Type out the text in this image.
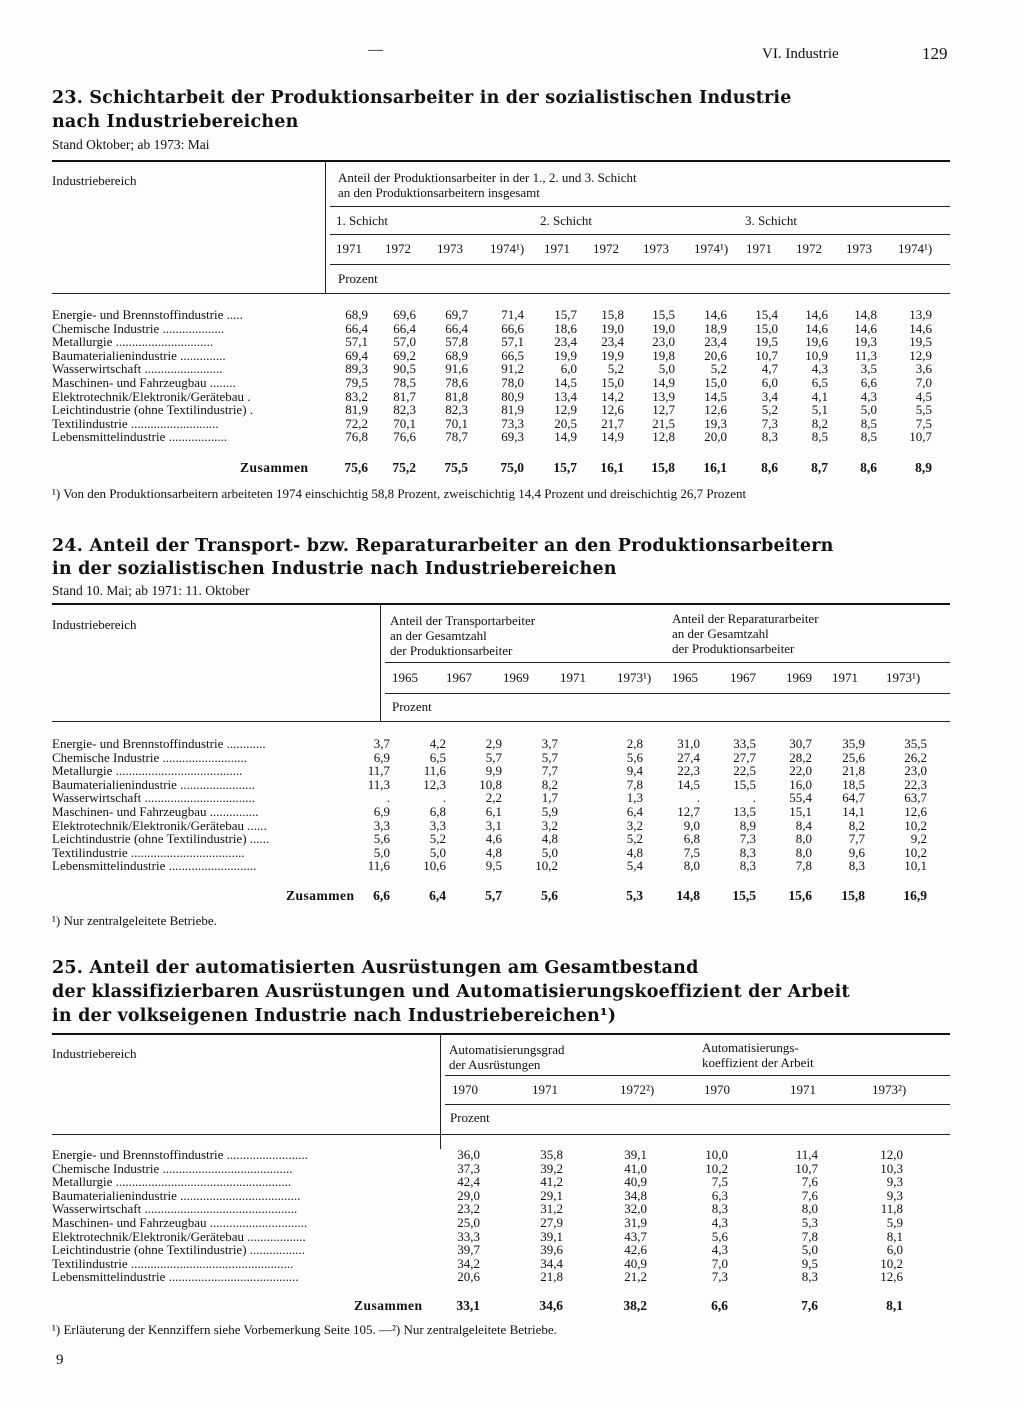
—	VI. Industrie	129
23. Schichtarbeit der Produktionsarbeiter in der sozialistischen Industrie
nach Industriebereichen
Stand Oktober; ab 1973: Mai
Industriebereich	Anteil der Produktionsarbeiter in der 1., 2. und 3. Schicht
an den Produktionsarbeitern insgesamt
1. Schicht	2. Schicht	3. Schicht
1971 1972 1973 1974¹) 1971 1972 1973 1974¹) 1971 1972 1973 1974¹)
Prozent
Energie- und Brennstoffindustrie .....	68,9	69,6	69,7	71,4	15,7	15,8	15,5	14,6	15,4	14,6	14,8	13,9
Chemische Industrie ...................	66,4	66,4	66,4	66,6	18,6	19,0	19,0	18,9	15,0	14,6	14,6	14,6
Metallurgie ..............................	57,1	57,0	57,8	57,1	23,4	23,4	23,0	23,4	19,5	19,6	19,3	19,5
Baumaterialienindustrie ..............	69,4	69,2	68,9	66,5	19,9	19,9	19,8	20,6	10,7	10,9	11,3	12,9
Wasserwirtschaft ........................	89,3	90,5	91,6	91,2	6,0	5,2	5,0	5,2	4,7	4,3	3,5	3,6
Maschinen- und Fahrzeugbau ........	79,5	78,5	78,6	78,0	14,5	15,0	14,9	15,0	6,0	6,5	6,6	7,0
Elektrotechnik/Elektronik/Gerätebau .	83,2	81,7	81,8	80,9	13,4	14,2	13,9	14,5	3,4	4,1	4,3	4,5
Leichtindustrie (ohne Textilindustrie) .	81,9	82,3	82,3	81,9	12,9	12,6	12,7	12,6	5,2	5,1	5,0	5,5
Textilindustrie ...........................	72,2	70,1	70,1	73,3	20,5	21,7	21,5	19,3	7,3	8,2	8,5	7,5
Lebensmittelindustrie ..................	76,8	76,6	78,7	69,3	14,9	14,9	12,8	20,0	8,3	8,5	8,5	10,7
Zusammen	75,6	75,2	75,5	75,0	15,7	16,1	15,8	16,1	8,6	8,7	8,6	8,9
¹) Von den Produktionsarbeitern arbeiteten 1974 einschichtig 58,8 Prozent, zweischichtig 14,4 Prozent und dreischichtig 26,7 Prozent
24. Anteil der Transport- bzw. Reparaturarbeiter an den Produktionsarbeitern
in der sozialistischen Industrie nach Industriebereichen
Stand 10. Mai; ab 1971: 11. Oktober
Industriebereich	Anteil der Transportarbeiter	Anteil der Reparaturarbeiter
an der Gesamtzahl	an der Gesamtzahl
der Produktionsarbeiter	der Produktionsarbeiter
1965 1967 1969 1971 1973¹) 1965 1967 1969 1971 1973¹)
Prozent
Energie- und Brennstoffindustrie ............	3,7	4,2	2,9	3,7	2,8	31,0	33,5	30,7	35,9	35,5
Chemische Industrie ..........................	6,9	6,5	5,7	5,7	5,6	27,4	27,7	28,2	25,6	26,2
Metallurgie .......................................	11,7	11,6	9,9	7,7	9,4	22,3	22,5	22,0	21,8	23,0
Baumaterialienindustrie .......................	11,3	12,3	10,8	8,2	7,8	14,5	15,5	16,0	18,5	22,3
Wasserwirtschaft ..................................	.	.	2,2	1,7	1,3	.	.	55,4	64,7	63,7
Maschinen- und Fahrzeugbau ...............	6,9	6,8	6,1	5,9	6,4	12,7	13,5	15,1	14,1	12,6
Elektrotechnik/Elektronik/Gerätebau ......	3,3	3,3	3,1	3,2	3,2	9,0	8,9	8,4	8,2	10,2
Leichtindustrie (ohne Textilindustrie) ......	5,6	5,2	4,6	4,8	5,2	6,8	7,3	8,0	7,7	9,2
Textilindustrie ...................................	5,0	5,0	4,8	5,0	4,8	7,5	8,3	8,0	9,6	10,2
Lebensmittelindustrie ...........................	11,6	10,6	9,5	10,2	5,4	8,0	8,3	7,8	8,3	10,1
Zusammen	6,6	6,4	5,7	5,6	5,3	14,8	15,5	15,6	15,8	16,9
¹) Nur zentralgeleitete Betriebe.
25. Anteil der automatisierten Ausrüstungen am Gesamtbestand
der klassifizierbaren Ausrüstungen und Automatisierungskoeffizient der Arbeit
in der volkseigenen Industrie nach Industriebereichen¹)
Industriebereich	Automatisierungsgrad	Automatisierungs-
der Ausrüstungen	koeffizient der Arbeit
1970	1971	1972²)	1970	1971	1973²)
Prozent
Energie- und Brennstoffindustrie .........................	36,0	35,8	39,1	10,0	11,4	12,0
Chemische Industrie ........................................	37,3	39,2	41,0	10,2	10,7	10,3
Metallurgie ......................................................	42,4	41,2	40,9	7,5	7,6	9,3
Baumaterialienindustrie .....................................	29,0	29,1	34,8	6,3	7,6	9,3
Wasserwirtschaft ...............................................	23,2	31,2	32,0	8,3	8,0	11,8
Maschinen- und Fahrzeugbau ..............................	25,0	27,9	31,9	4,3	5,3	5,9
Elektrotechnik/Elektronik/Gerätebau ..................	33,3	39,1	43,7	5,6	7,8	8,1
Leichtindustrie (ohne Textilindustrie) .................	39,7	39,6	42,6	4,3	5,0	6,0
Textilindustrie ..................................................	34,2	34,4	40,9	7,0	9,5	10,2
Lebensmittelindustrie ........................................	20,6	21,8	21,2	7,3	8,3	12,6
Zusammen	33,1	34,6	38,2	6,6	7,6	8,1
¹) Erläuterung der Kennziffern siehe Vorbemerkung Seite 105. —²) Nur zentralgeleitete Betriebe.
9
